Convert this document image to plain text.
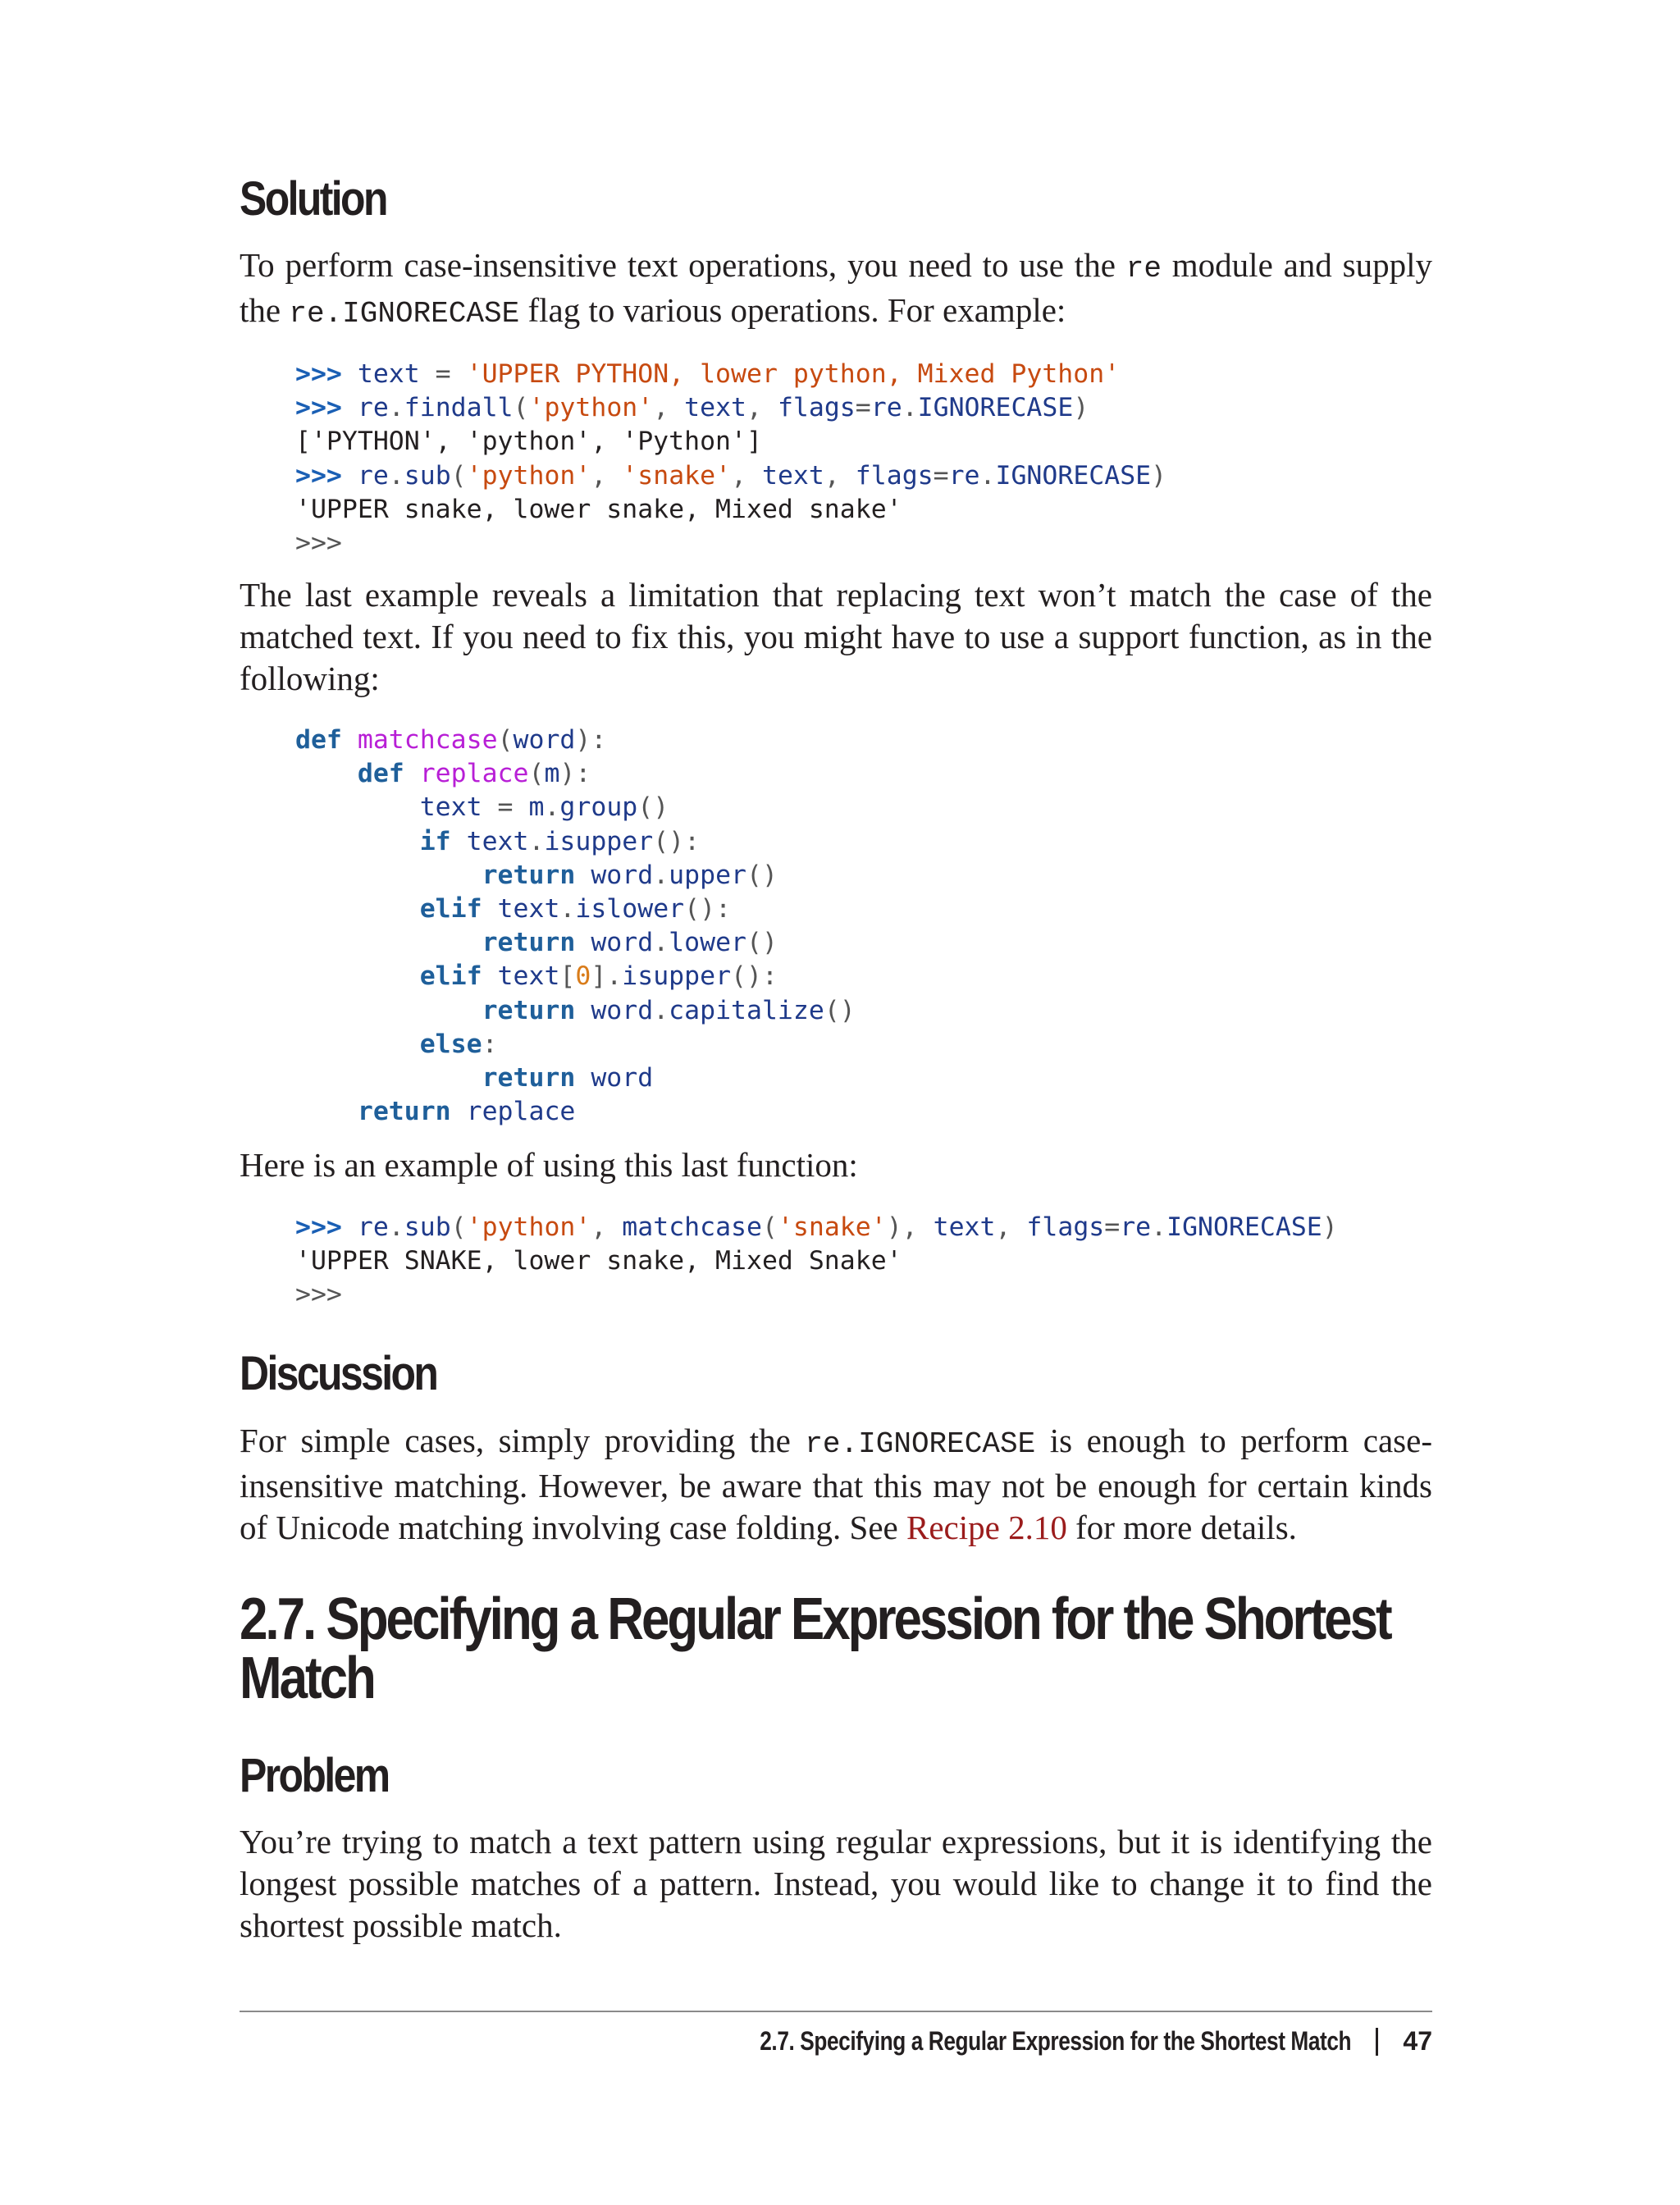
Solution

To perform case-insensitive text operations, you need to use the re module and supply the re.IGNORECASE flag to various operations. For example:

>>> text = 'UPPER PYTHON, lower python, Mixed Python'
>>> re.findall('python', text, flags=re.IGNORECASE)
['PYTHON', 'python', 'Python']
>>> re.sub('python', 'snake', text, flags=re.IGNORECASE)
'UPPER snake, lower snake, Mixed snake'
>>>

The last example reveals a limitation that replacing text won’t match the case of the matched text. If you need to fix this, you might have to use a support function, as in the following:

def matchcase(word):
def replace(m):
text = m.group()
if text.isupper():
return word.upper()
elif text.islower():
return word.lower()
elif text[0].isupper():
return word.capitalize()
else:
return word
return replace

Here is an example of using this last function:

>>> re.sub('python', matchcase('snake'), text, flags=re.IGNORECASE)
'UPPER SNAKE, lower snake, Mixed Snake'
>>>
Discussion

For simple cases, simply providing the re.IGNORECASE is enough to perform case-insensitive matching. However, be aware that this may not be enough for certain kinds of Unicode matching involving case folding. See Recipe 2.10 for more details.

2.7. Specifying a Regular Expression for the Shortest
Match
Problem

You’re trying to match a text pattern using regular expressions, but it is identifying the longest possible matches of a pattern. Instead, you would like to change it to find the shortest possible match.

2.7. Specifying a Regular Expression for the Shortest Match 47
